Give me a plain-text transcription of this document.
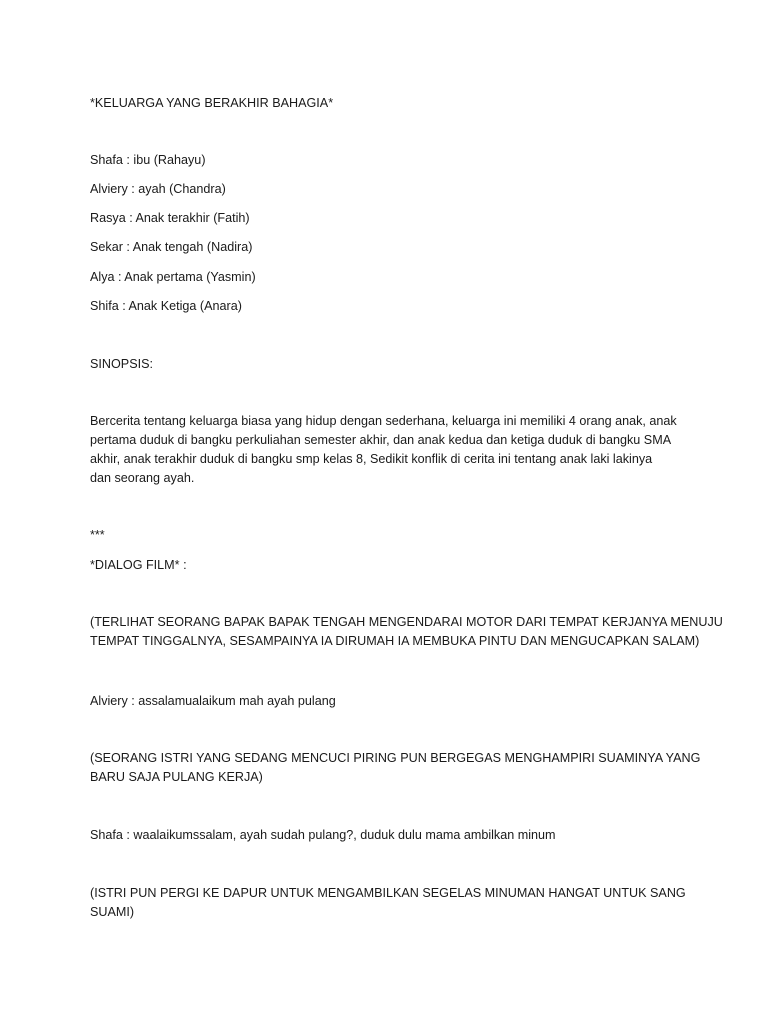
*KELUARGA YANG BERAKHIR BAHAGIA*
Shafa : ibu (Rahayu)
Alviery : ayah (Chandra)
Rasya : Anak terakhir (Fatih)
Sekar : Anak tengah (Nadira)
Alya : Anak pertama (Yasmin)
Shifa : Anak Ketiga (Anara)
SINOPSIS:
Bercerita tentang keluarga biasa yang hidup dengan sederhana, keluarga ini memiliki 4 orang anak, anak
pertama duduk di bangku perkuliahan semester akhir, dan anak kedua dan ketiga duduk di bangku SMA
akhir, anak terakhir duduk di bangku smp kelas 8, Sedikit konflik di cerita ini tentang anak laki lakinya
dan seorang ayah.
***
*DIALOG FILM* :
(TERLIHAT SEORANG BAPAK BAPAK TENGAH MENGENDARAI MOTOR DARI TEMPAT KERJANYA MENUJU
TEMPAT TINGGALNYA, SESAMPAINYA IA DIRUMAH IA MEMBUKA PINTU DAN MENGUCAPKAN SALAM)
Alviery : assalamualaikum mah ayah pulang
(SEORANG ISTRI YANG SEDANG MENCUCI PIRING PUN BERGEGAS MENGHAMPIRI SUAMINYA YANG
BARU SAJA PULANG KERJA)
Shafa : waalaikumssalam, ayah sudah pulang?, duduk dulu mama ambilkan minum
(ISTRI PUN PERGI KE DAPUR UNTUK MENGAMBILKAN SEGELAS MINUMAN HANGAT UNTUK SANG
SUAMI)
